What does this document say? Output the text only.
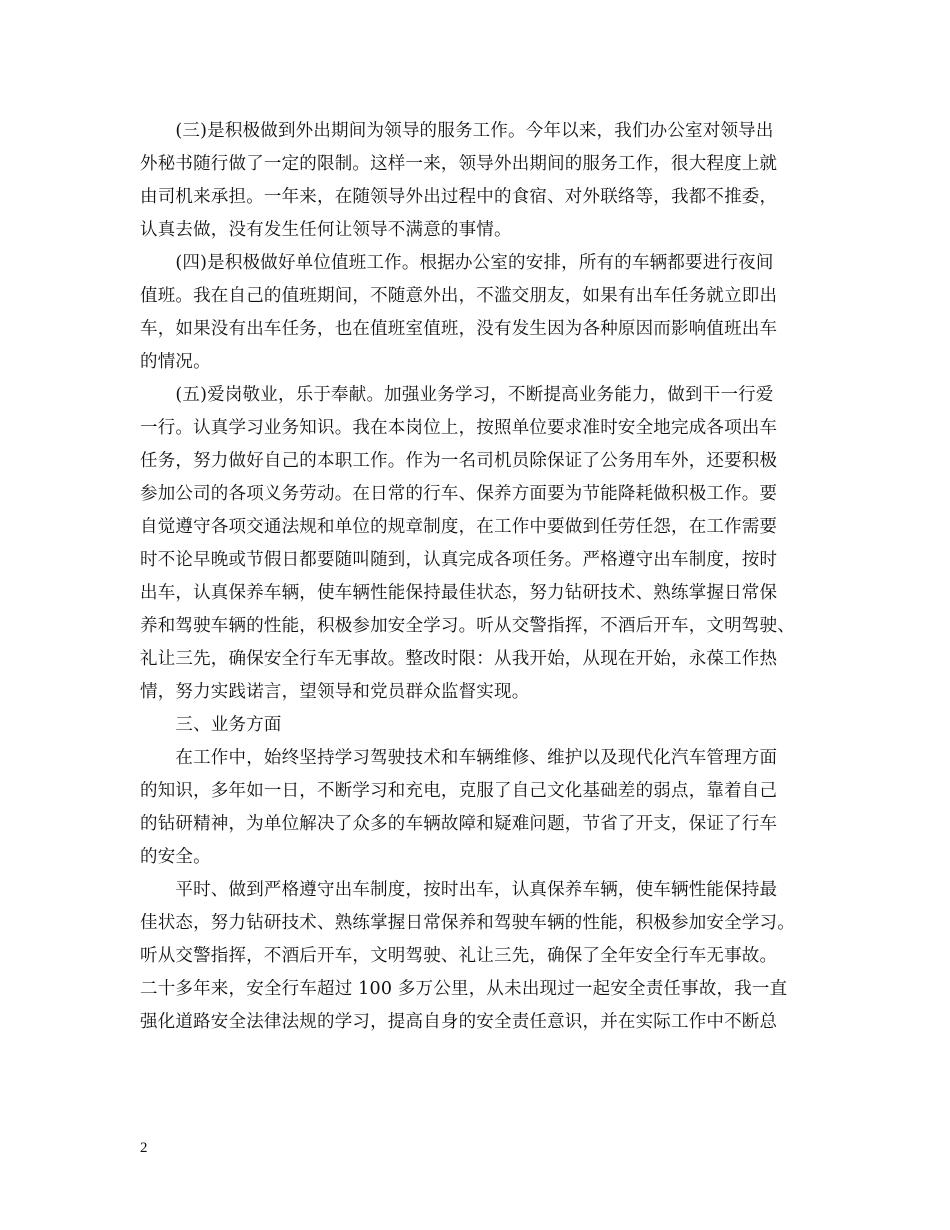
　　(三)是积极做到外出期间为领导的服务工作。今年以来，我们办公室对领导出
外秘书随行做了一定的限制。这样一来，领导外出期间的服务工作，很大程度上就
由司机来承担。一年来，在随领导外出过程中的食宿、对外联络等，我都不推委，
认真去做，没有发生任何让领导不满意的事情。
　　(四)是积极做好单位值班工作。根据办公室的安排，所有的车辆都要进行夜间
值班。我在自己的值班期间，不随意外出，不滥交朋友，如果有出车任务就立即出
车，如果没有出车任务，也在值班室值班，没有发生因为各种原因而影响值班出车
的情况。
　　(五)爱岗敬业，乐于奉献。加强业务学习，不断提高业务能力，做到干一行爱
一行。认真学习业务知识。我在本岗位上，按照单位要求准时安全地完成各项出车
任务，努力做好自己的本职工作。作为一名司机员除保证了公务用车外，还要积极
参加公司的各项义务劳动。在日常的行车、保养方面要为节能降耗做积极工作。要
自觉遵守各项交通法规和单位的规章制度，在工作中要做到任劳任怨，在工作需要
时不论早晚或节假日都要随叫随到，认真完成各项任务。严格遵守出车制度，按时
出车，认真保养车辆，使车辆性能保持最佳状态，努力钻研技术、熟练掌握日常保
养和驾驶车辆的性能，积极参加安全学习。听从交警指挥，不酒后开车，文明驾驶、
礼让三先，确保安全行车无事故。整改时限：从我开始，从现在开始，永葆工作热
情，努力实践诺言，望领导和党员群众监督实现。
　　三、业务方面
　　在工作中，始终坚持学习驾驶技术和车辆维修、维护以及现代化汽车管理方面
的知识，多年如一日，不断学习和充电，克服了自己文化基础差的弱点，靠着自己
的钻研精神，为单位解决了众多的车辆故障和疑难问题，节省了开支，保证了行车
的安全。
　　平时、做到严格遵守出车制度，按时出车，认真保养车辆，使车辆性能保持最
佳状态，努力钻研技术、熟练掌握日常保养和驾驶车辆的性能，积极参加安全学习。
听从交警指挥，不酒后开车，文明驾驶、礼让三先，确保了全年安全行车无事故。
二十多年来，安全行车超过 100 多万公里，从未出现过一起安全责任事故，我一直
强化道路安全法律法规的学习，提高自身的安全责任意识，并在实际工作中不断总
2
